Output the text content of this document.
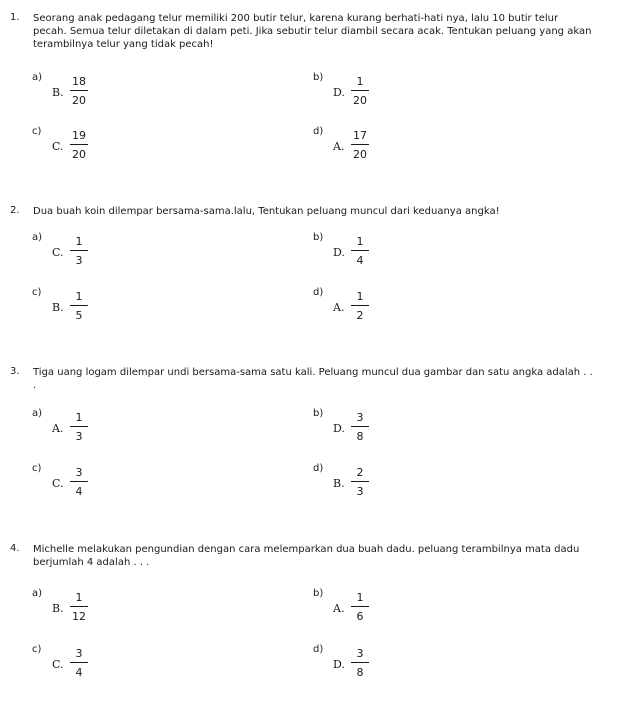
1. Seorang anak pedagang telur memiliki 200 butir telur, karena kurang berhati-hati nya, lalu 10 butir telur pecah. Semua telur diletakan di dalam peti. Jika sebutir telur diambil secara acak. Tentukan peluang yang akan terambilnya telur yang tidak pecah!
a)
B.
18
20
b)
D.
1
20
c)
C.
19
20
d)
A.
17
20
2. Dua buah koin dilempar bersama-sama.lalu, Tentukan peluang muncul dari keduanya angka!
a)
C.
1
3
b)
D.
1
4
c)
B.
1
5
d)
A.
1
2
3. Tiga uang logam dilempar undi bersama-sama satu kali. Peluang muncul dua gambar dan satu angka adalah . . .
a)
A.
1
3
b)
D.
3
8
c)
C.
3
4
d)
B.
2
3
4. Michelle melakukan pengundian dengan cara melemparkan dua buah dadu. peluang terambilnya mata dadu berjumlah 4 adalah . . .
a)
B.
1
12
b)
A.
1
6
c)
C.
3
4
d)
D.
3
8
